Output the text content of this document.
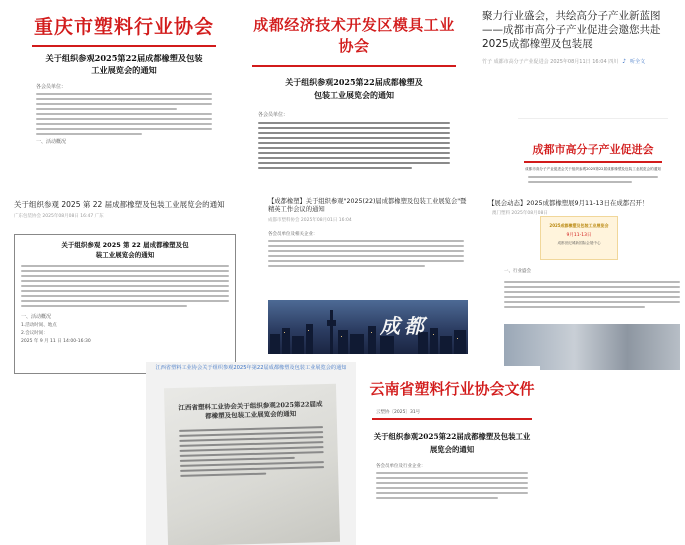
重庆市塑料行业协会
关于组织参观2025第22届成都橡塑及包装
工业展览会的通知
各会员单位：
一、活动概况
成都经济技术开发区模具工业协会
关于组织参观2025第22届成都橡塑及
包装工业展览会的通知
各会员单位：
聚力行业盛会，共绘高分子产业新蓝图——成都市高分子产业促进会邀您共赴2025成都橡塑及包装展
竹子 成都市高分子产业促进会 2025年08月11日 16:04 四川 ♪ 听全文
成都市高分子产业促进会
成都市高分子产业促进会关于组织参观2025第22届成都橡塑及包装工业展览会的通知
关于组织参观 2025 第 22 届成都橡塑及包装工业展览会的通知
广东包装协会 2025年08月08日 16:47 广东
关于组织参观 2025 第 22 届成都橡塑及包
装工业展览会的通知
一、活动概况
1.活动时间、地点
2.会议时间：
2025 年 9 月 11 日 14:00-16:30
【成都橡塑】关于组织参观"2025(22)届成都橡塑及包装工业展览会"暨精英工作会议的通知
成都市塑料协会 2025年08月01日 16:04
各会员单位及相关企业：
成都
【展会动态】2025成都橡塑展9月11-13日在成都召开！
澳门塑料 2025年08月08日
2025成都橡塑及包装工业展览会
9月11-13日
成都世纪城新国际会展中心
一、行业盛会
江西省塑料工业协会关于组织参观2025年第22届成都橡塑及包装工业展览会的通知
江西省塑料工业协会关于组织参观2025第22届成都橡塑及包装工业展览会的通知
云南省塑料行业协会文件
云塑协〔2025〕31号
关于组织参观2025第22届成都橡塑及包装工业
展览会的通知
各会员单位及行业企业：
